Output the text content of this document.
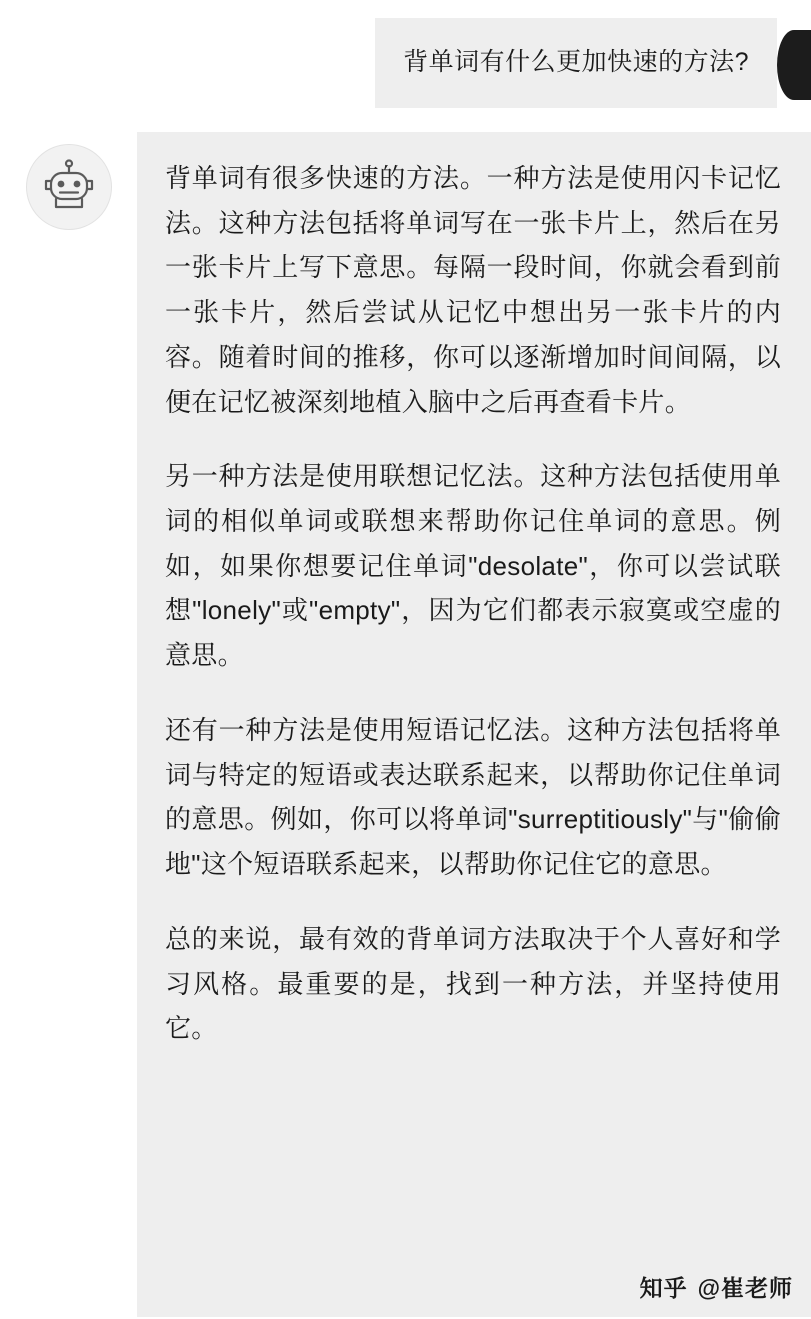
背单词有什么更加快速的方法?

背单词有很多快速的方法。一种方法是使用闪卡记忆法。这种方法包括将单词写在一张卡片上，然后在另一张卡片上写下意思。每隔一段时间，你就会看到前一张卡片，然后尝试从记忆中想出另一张卡片的内容。随着时间的推移，你可以逐渐增加时间间隔，以便在记忆被深刻地植入脑中之后再查看卡片。

另一种方法是使用联想记忆法。这种方法包括使用单词的相似单词或联想来帮助你记住单词的意思。例如，如果你想要记住单词"desolate"，你可以尝试联想"lonely"或"empty"，因为它们都表示寂寞或空虚的意思。

还有一种方法是使用短语记忆法。这种方法包括将单词与特定的短语或表达联系起来，以帮助你记住单词的意思。例如，你可以将单词"surreptitiously"与"偷偷地"这个短语联系起来，以帮助你记住它的意思。

总的来说，最有效的背单词方法取决于个人喜好和学习风格。最重要的是，找到一种方法，并坚持使用它。

知乎 @崔老师
